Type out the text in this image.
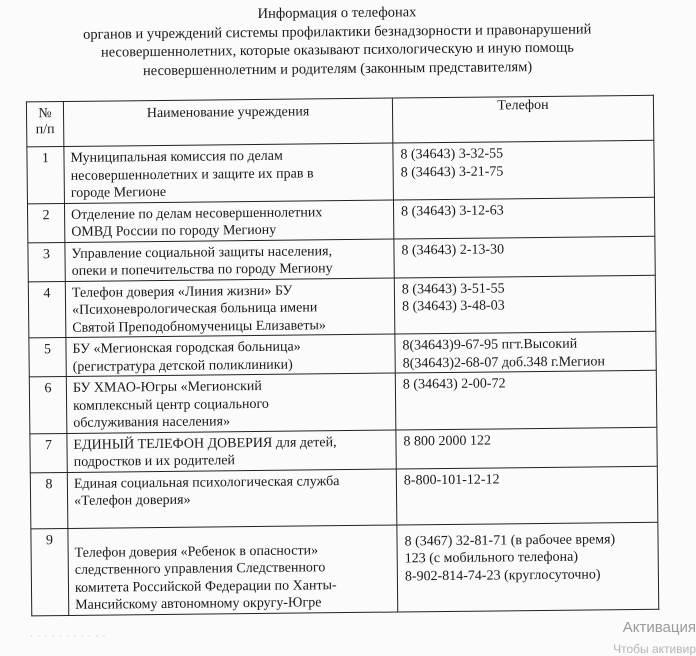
Информация о телефонах
органов и учреждений системы профилактики безнадзорности и правонарушений
несовершеннолетних, которые оказывают психологическую и иную помощь
несовершеннолетним и родителям (законным представителям)
№
п/п	Наименование учреждения	Телефон
1	Муниципальная комиссия по делам
несовершеннолетних и защите их прав в
городе Мегионе	8 (34643) 3-32-55
8 (34643) 3-21-75

2	Отделение по делам несовершеннолетних
ОМВД России по городу Мегиону	8 (34643) 3-12-63

3	Управление социальной защиты населения,
опеки и попечительства по городу Мегиону	8 (34643) 2-13-30

4	Телефон доверия «Линия жизни» БУ
«Психоневрологическая больница имени
Святой Преподобномученицы Елизаветы»	8 (34643) 3-51-55
8 (34643) 3-48-03

5	БУ «Мегионская городская больница»
(регистратура детской поликлиники)	8(34643)9-67-95 пгт.Высокий
8(34643)2-68-07 доб.348 г.Мегион

6	БУ ХМАО-Югры «Мегионский
комплексный центр социального
обслуживания населения»	8 (34643) 2-00-72

7	ЕДИНЫЙ ТЕЛЕФОН ДОВЕРИЯ для детей,
подростков и их родителей	8 800 2000 122

8	Единая социальная психологическая служба
«Телефон доверия»	8-800-101-12-12

9	Телефон доверия «Ребенок в опасности»
следственного управления Следственного
комитета Российской Федерации по Ханты-
Мансийскому автономному округу-Югре	8 (3467) 32-81-71 (в рабочее время)
123 (с мобильного телефона)
8-902-814-74-23 (круглосуточно)
· · · · · · · · · · ·	Активация
Чтобы активир
